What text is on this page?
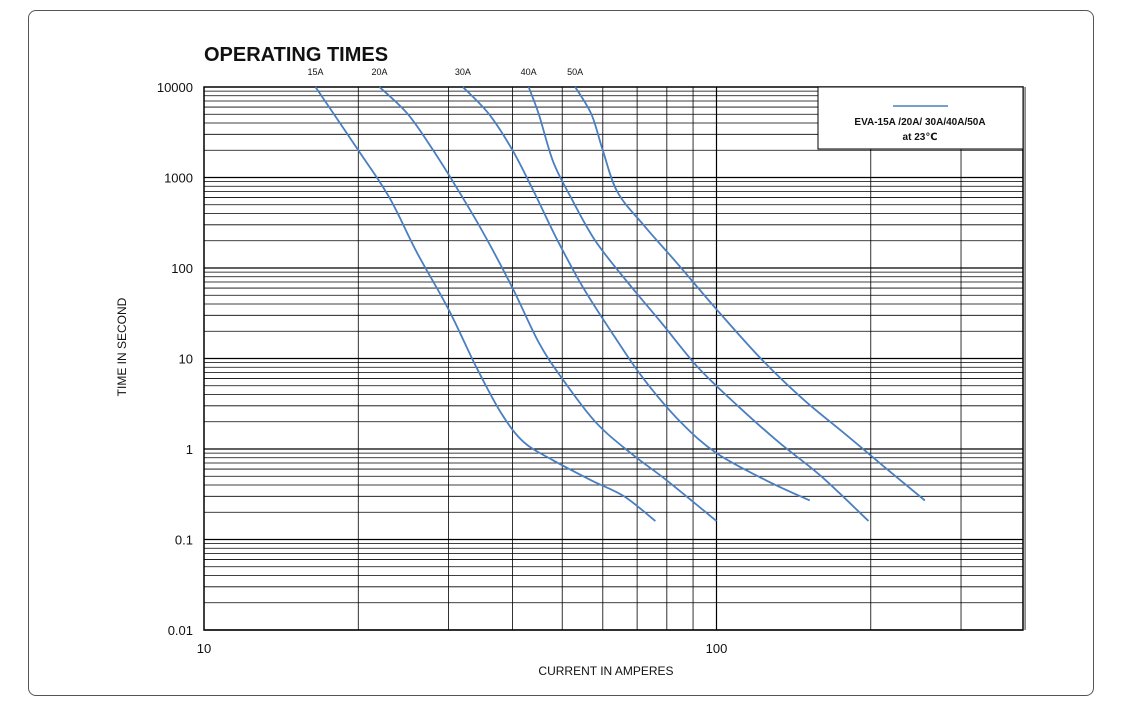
15A	20A	30A	40A	50A
10000
1000
100
10
1
0.1
0.01
10	100
OPERATING TIMES
CURRENT IN AMPERES
TIME IN SECOND
EVA-15A /20A/ 30A/40A/50A
at 23℃
